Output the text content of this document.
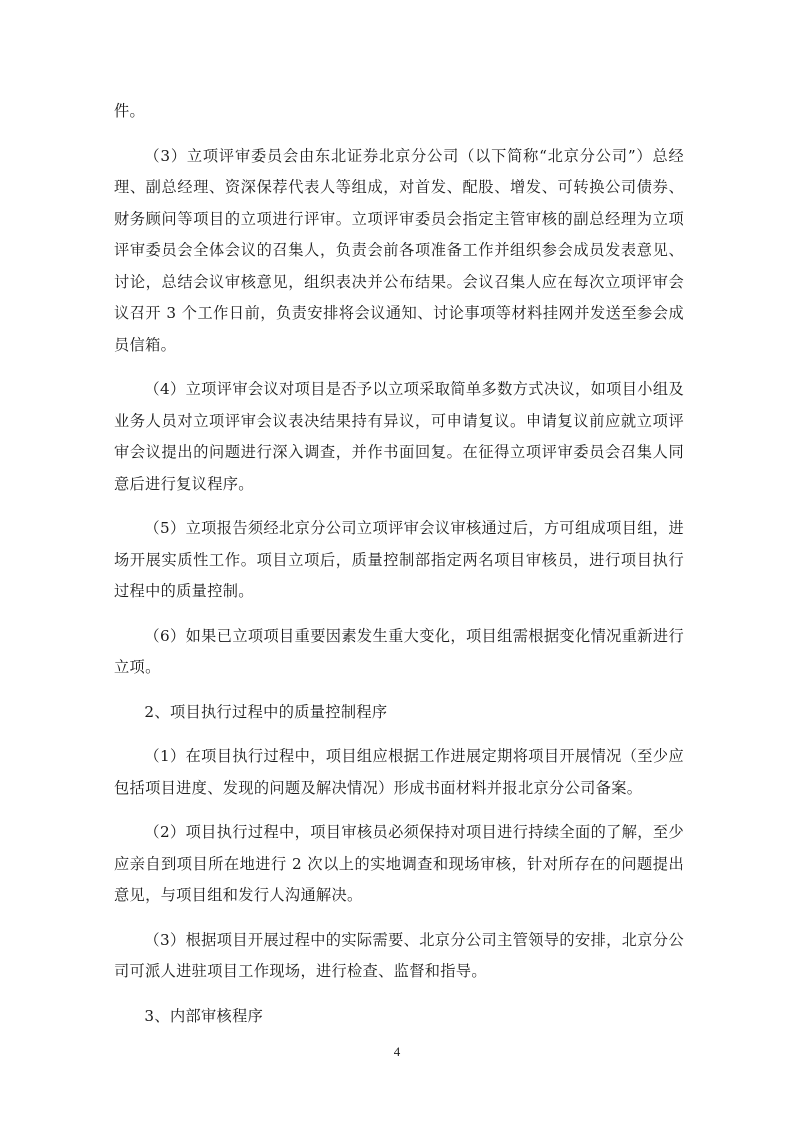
件。

（3）立项评审委员会由东北证券北京分公司（以下简称“北京分公司”）总经理、副总经理、资深保荐代表人等组成，对首发、配股、增发、可转换公司债券、财务顾问等项目的立项进行评审。立项评审委员会指定主管审核的副总经理为立项评审委员会全体会议的召集人，负责会前各项准备工作并组织参会成员发表意见、讨论，总结会议审核意见，组织表决并公布结果。会议召集人应在每次立项评审会议召开 3 个工作日前，负责安排将会议通知、讨论事项等材料挂网并发送至参会成员信箱。

（4）立项评审会议对项目是否予以立项采取简单多数方式决议，如项目小组及业务人员对立项评审会议表决结果持有异议，可申请复议。申请复议前应就立项评审会议提出的问题进行深入调查，并作书面回复。在征得立项评审委员会召集人同意后进行复议程序。

（5）立项报告须经北京分公司立项评审会议审核通过后，方可组成项目组，进场开展实质性工作。项目立项后，质量控制部指定两名项目审核员，进行项目执行过程中的质量控制。

（6）如果已立项项目重要因素发生重大变化，项目组需根据变化情况重新进行立项。

2、项目执行过程中的质量控制程序

（1）在项目执行过程中，项目组应根据工作进展定期将项目开展情况（至少应包括项目进度、发现的问题及解决情况）形成书面材料并报北京分公司备案。

（2）项目执行过程中，项目审核员必须保持对项目进行持续全面的了解，至少应亲自到项目所在地进行 2 次以上的实地调查和现场审核，针对所存在的问题提出意见，与项目组和发行人沟通解决。

（3）根据项目开展过程中的实际需要、北京分公司主管领导的安排，北京分公司可派人进驻项目工作现场，进行检查、监督和指导。

3、内部审核程序

4
